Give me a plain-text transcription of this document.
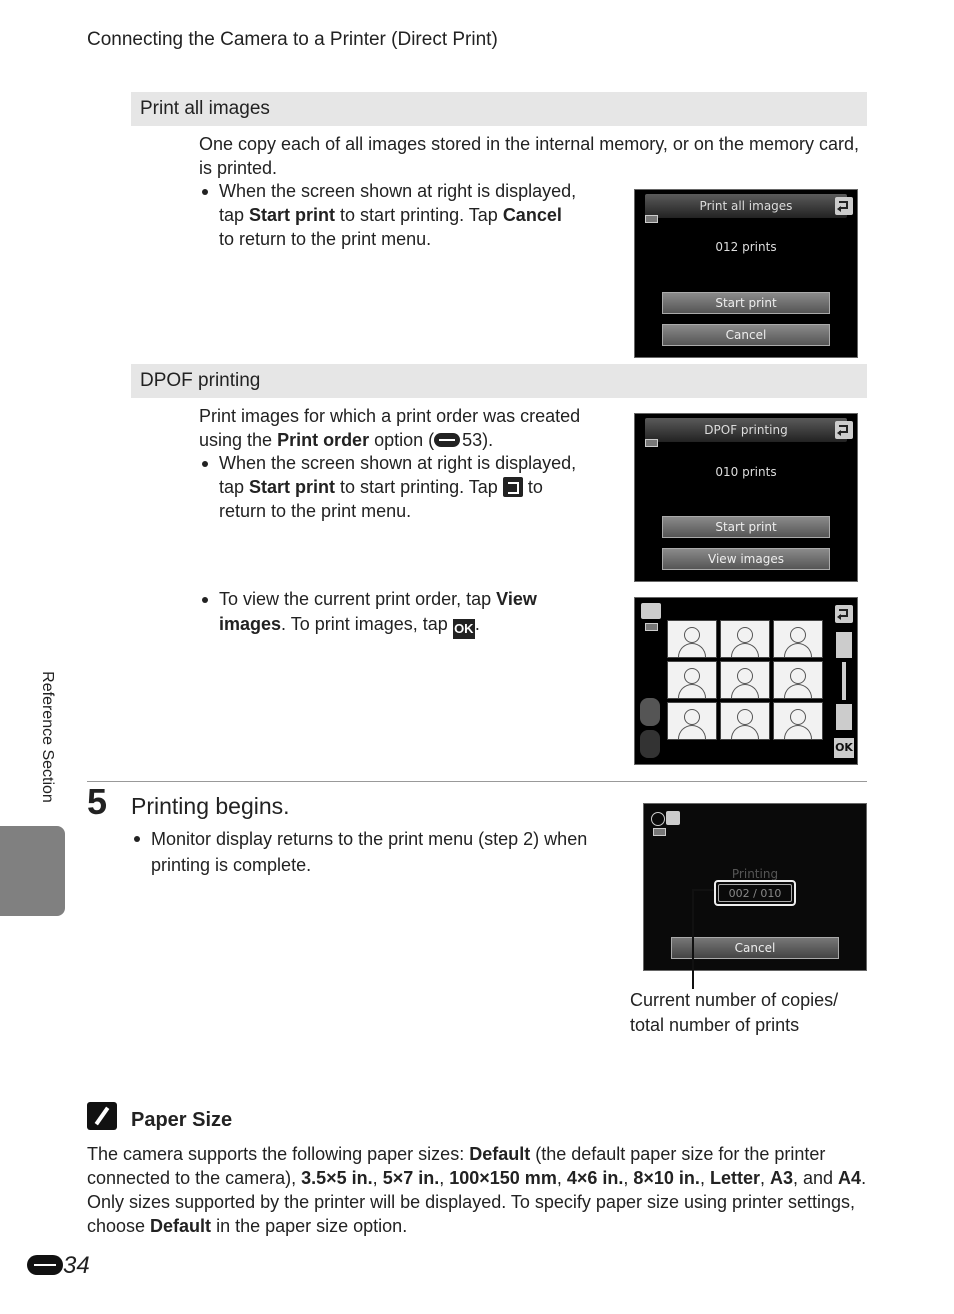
Connecting the Camera to a Printer (Direct Print)
Reference Section
Print all images
One copy each of all images stored in the internal memory, or on the memory card, is printed.
When the screen shown at right is displayed,
tap Start print to start printing. Tap Cancel
to return to the print menu.
Print all images
012 prints
Start print
Cancel
DPOF printing
Print images for which a print order was created
using the Print order option ( 53).
When the screen shown at right is displayed,
tap Start print to start printing. Tap
to
return to the print menu.
DPOF printing
010 prints
Start print
View images
To view the current print order, tap View
images. To print images, tap OK.
OK
5 Printing begins.
Monitor display returns to the print menu (step 2) when
printing is complete.	Printing
002 / 010
Cancel
Current number of copies/
total number of prints
Paper Size
The camera supports the following paper sizes: Default (the default paper size for the printer
connected to the camera), 3.5×5 in., 5×7 in., 100×150 mm, 4×6 in., 8×10 in., Letter, A3, and A4.
Only sizes supported by the printer will be displayed. To specify paper size using printer settings,
choose Default in the paper size option.
34
